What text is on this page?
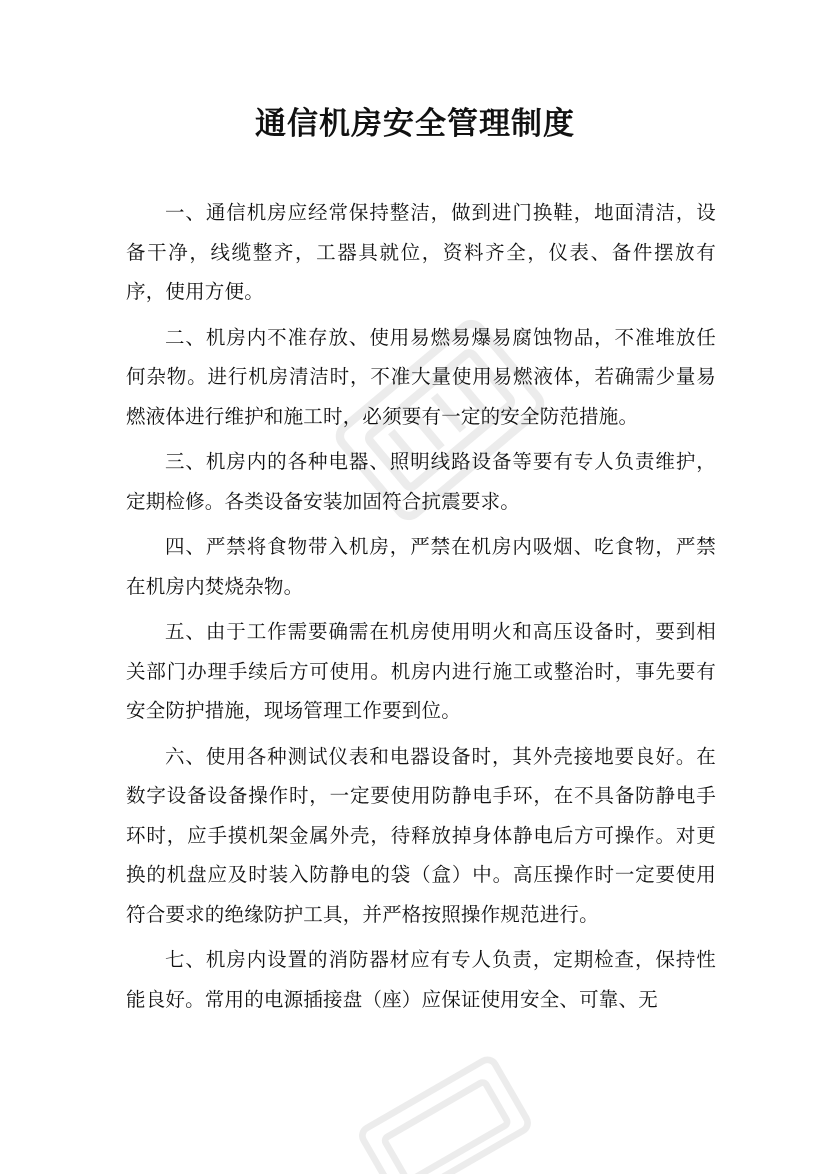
通信机房安全管理制度

一、通信机房应经常保持整洁，做到进门换鞋，地面清洁，设备干净，线缆整齐，工器具就位，资料齐全，仪表、备件摆放有序，使用方便。

二、机房内不准存放、使用易燃易爆易腐蚀物品，不准堆放任何杂物。进行机房清洁时，不准大量使用易燃液体，若确需少量易燃液体进行维护和施工时，必须要有一定的安全防范措施。

三、机房内的各种电器、照明线路设备等要有专人负责维护，定期检修。各类设备安装加固符合抗震要求。

四、严禁将食物带入机房，严禁在机房内吸烟、吃食物，严禁在机房内焚烧杂物。

五、由于工作需要确需在机房使用明火和高压设备时，要到相关部门办理手续后方可使用。机房内进行施工或整治时，事先要有安全防护措施，现场管理工作要到位。

六、使用各种测试仪表和电器设备时，其外壳接地要良好。在数字设备设备操作时，一定要使用防静电手环，在不具备防静电手环时，应手摸机架金属外壳，待释放掉身体静电后方可操作。对更换的机盘应及时装入防静电的袋（盒）中。高压操作时一定要使用符合要求的绝缘防护工具，并严格按照操作规范进行。

七、机房内设置的消防器材应有专人负责，定期检查，保持性能良好。常用的电源插接盘（座）应保证使用安全、可靠、无
